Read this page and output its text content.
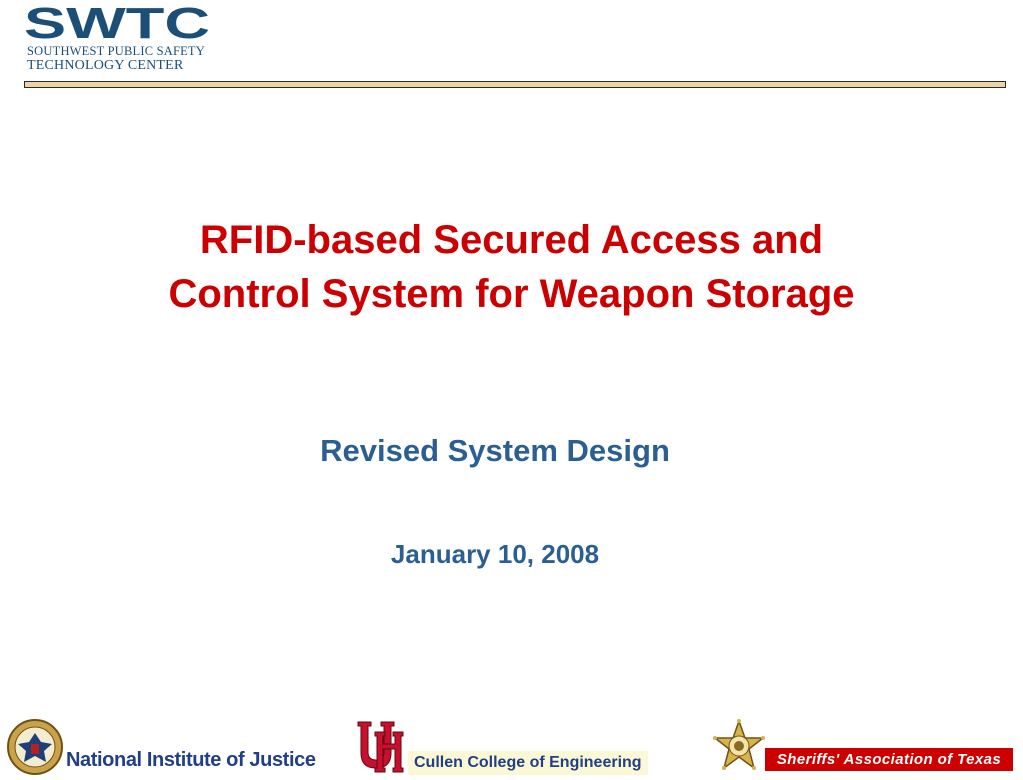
SWTC
SOUTHWEST PUBLIC SAFETY
TECHNOLOGY CENTER
RFID-based Secured Access and
Control System for Weapon Storage
Revised System Design
January 10, 2008
National Institute of Justice	Cullen College of Engineering	Sheriffs' Association of Texas
